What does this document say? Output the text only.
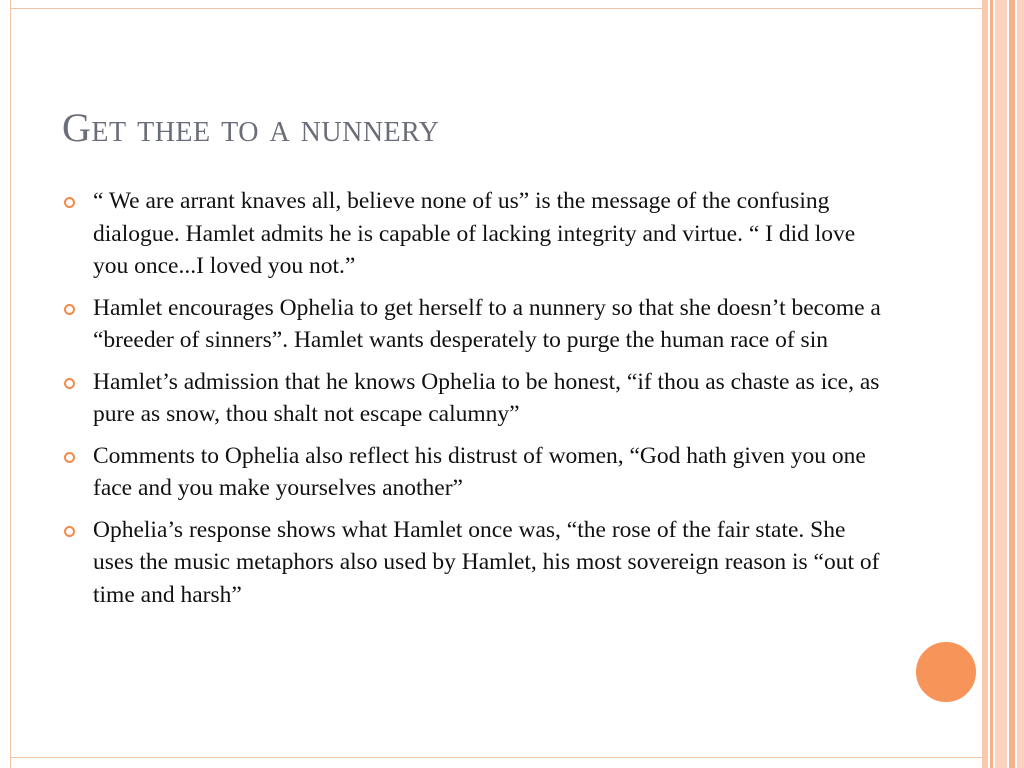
Get thee to a nunnery
“ We are arrant knaves all, believe none of us” is the message of the confusing dialogue. Hamlet admits he is capable of lacking integrity and virtue. “ I did love you once...I loved you not.”
Hamlet encourages Ophelia to get herself to a nunnery so that she doesn’t become a “breeder of sinners”. Hamlet wants desperately to purge the human race of sin
Hamlet’s admission that he knows Ophelia to be honest, “if thou as chaste as ice, as pure as snow, thou shalt not escape calumny”
Comments to Ophelia also reflect his distrust of women, “God hath given you one face and you make yourselves another”
Ophelia’s response shows what Hamlet once was, “the rose of the fair state. She uses the music metaphors also used by Hamlet, his most sovereign reason is “out of time and harsh”
